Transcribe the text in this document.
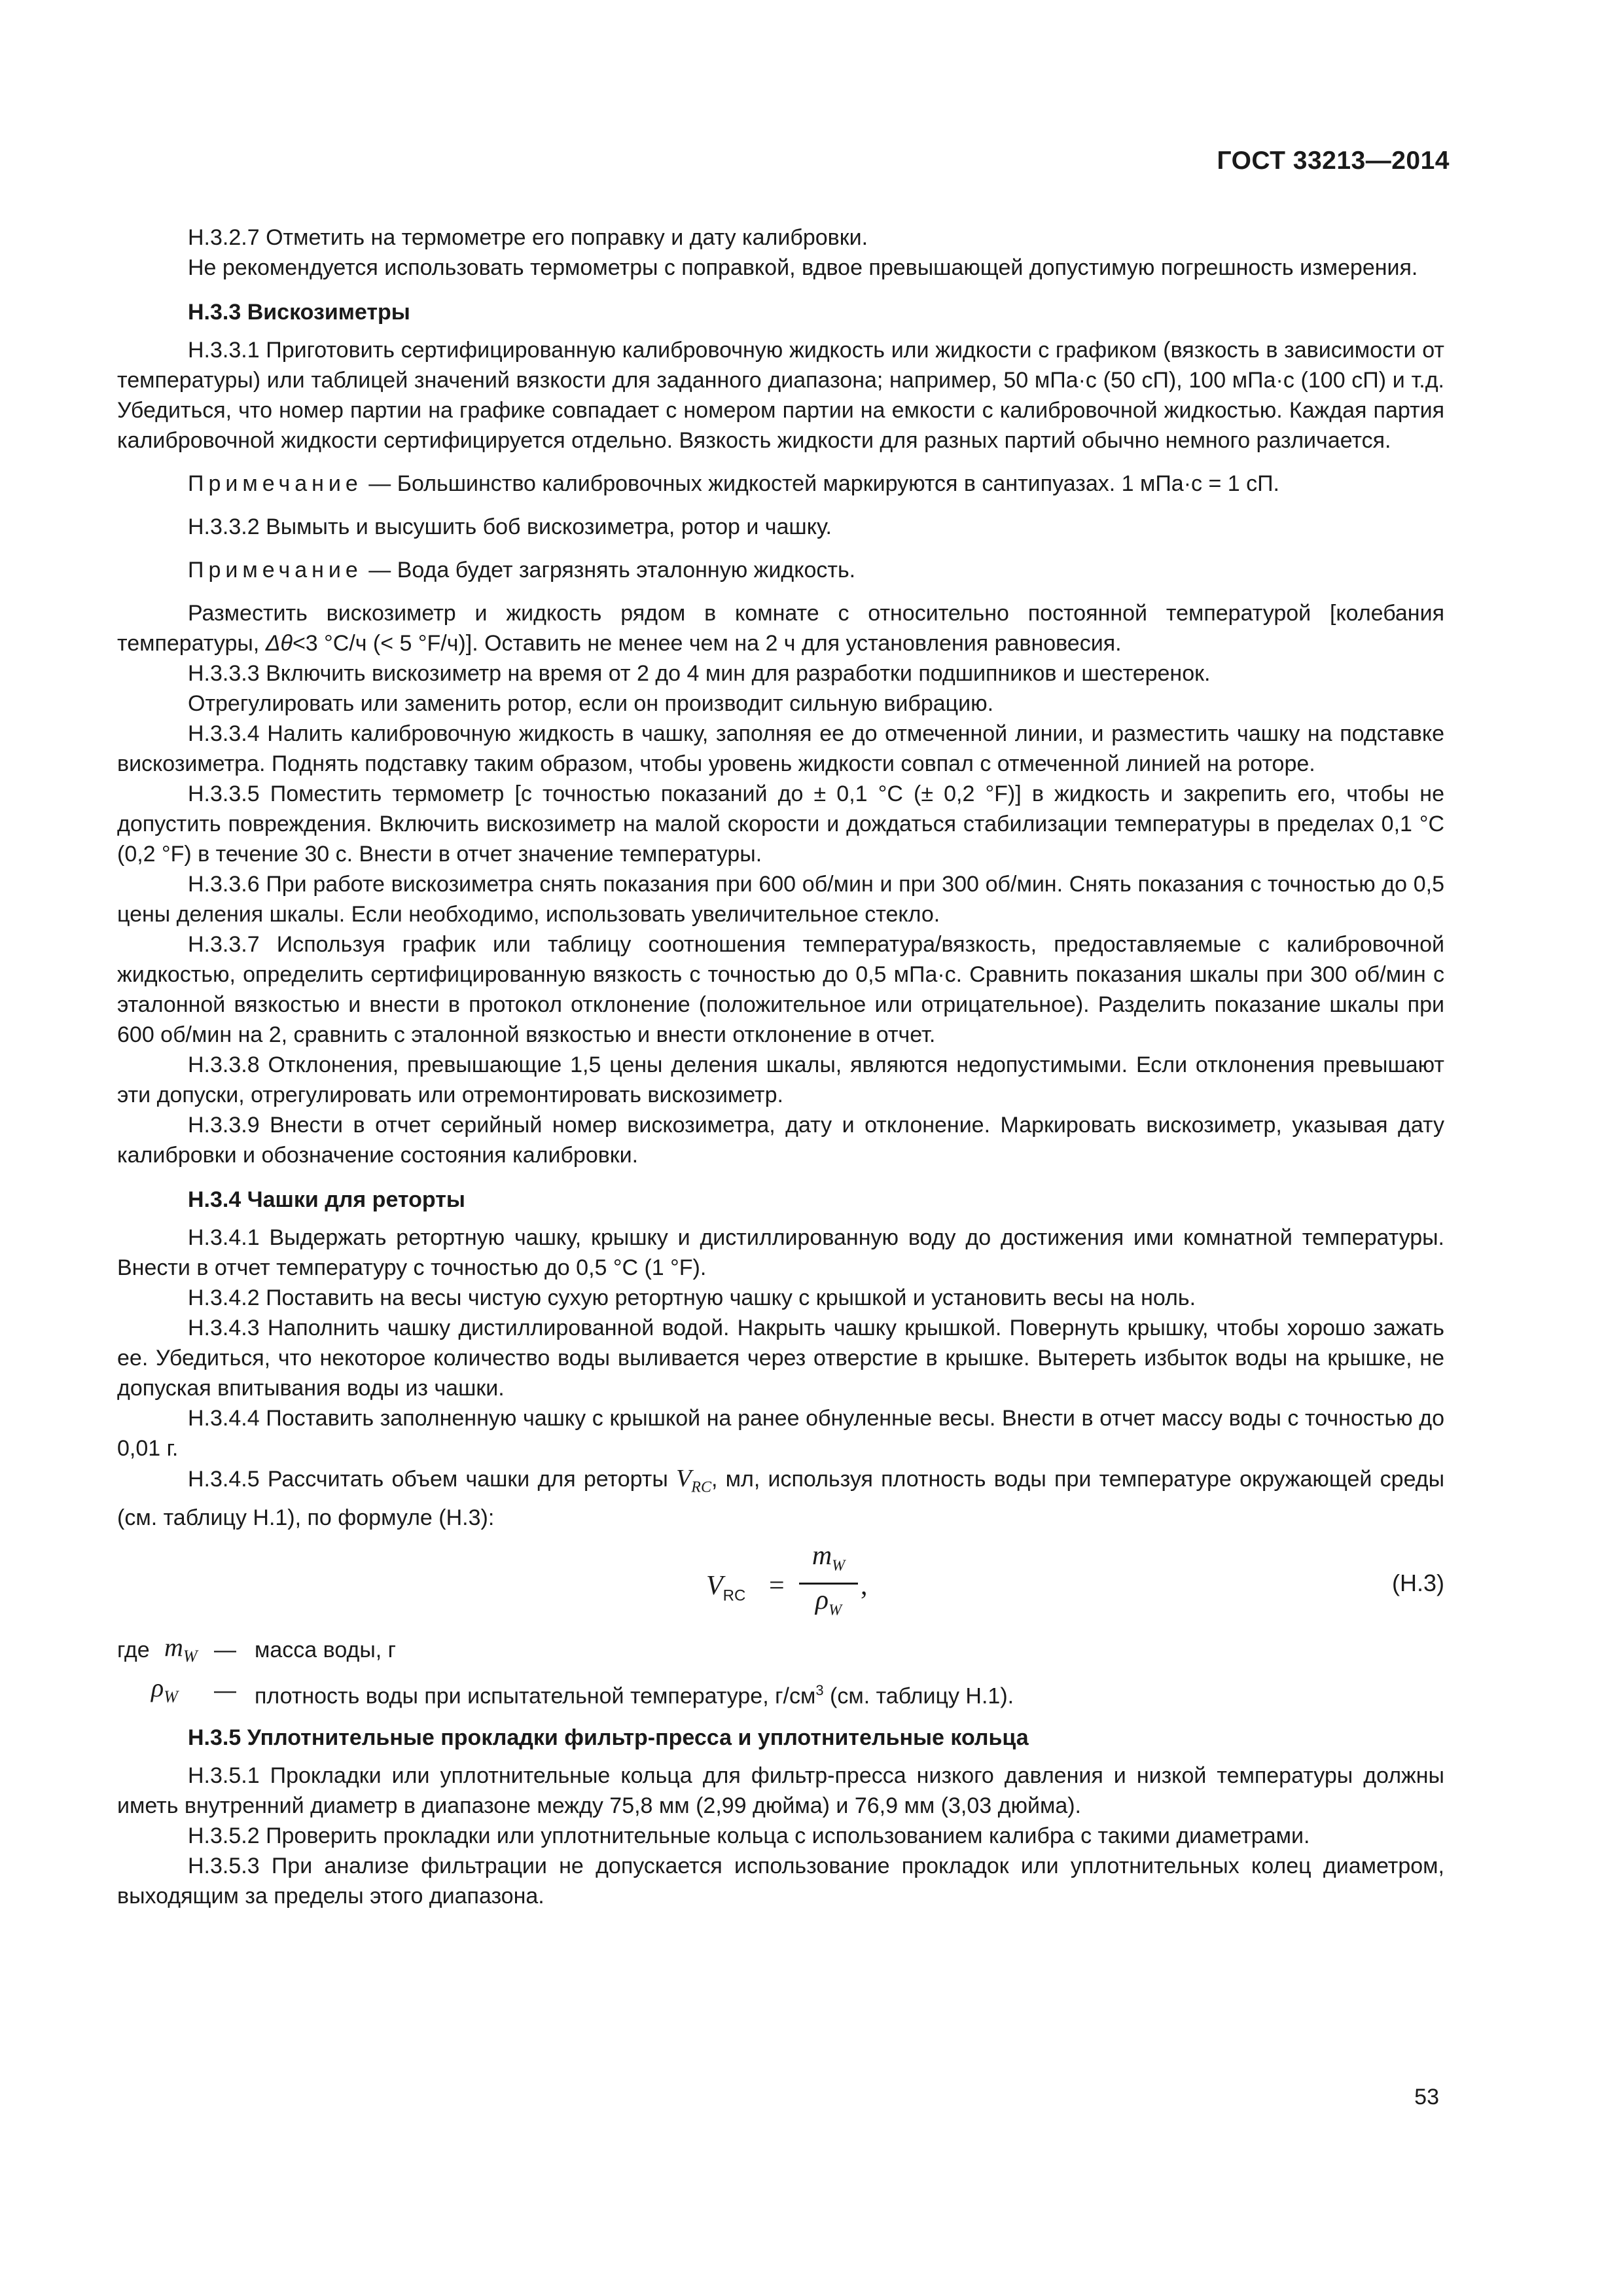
ГОСТ 33213—2014

Н.3.2.7 Отметить на термометре его поправку и дату калибровки.

Не рекомендуется использовать термометры с поправкой, вдвое превышающей допустимую погрешность измерения.

Н.3.3 Вискозиметры

Н.3.3.1 Приготовить сертифицированную калибровочную жидкость или жидкости с графиком (вязкость в зависимости от температуры) или таблицей значений вязкости для заданного диапазона; например, 50 мПа·с (50 сП), 100 мПа·с (100 сП) и т.д. Убедиться, что номер партии на графике совпадает с номером партии на емкости с калибровочной жидкостью. Каждая партия калибровочной жидкости сертифицируется отдельно. Вязкость жидкости для разных партий обычно немного различается.

Примечание — Большинство калибровочных жидкостей маркируются в сантипуазах. 1 мПа·с = 1 сП.

Н.3.3.2 Вымыть и высушить боб вискозиметра, ротор и чашку.

Примечание — Вода будет загрязнять эталонную жидкость.

Разместить вискозиметр и жидкость рядом в комнате с относительно постоянной температурой [колебания температуры, Δθ<3 °С/ч (< 5 °F/ч)]. Оставить не менее чем на 2 ч для установления равновесия.

Н.3.3.3 Включить вискозиметр на время от 2 до 4 мин для разработки подшипников и шестеренок.

Отрегулировать или заменить ротор, если он производит сильную вибрацию.

Н.3.3.4 Налить калибровочную жидкость в чашку, заполняя ее до отмеченной линии, и разместить чашку на подставке вискозиметра. Поднять подставку таким образом, чтобы уровень жидкости совпал с отмеченной линией на роторе.

Н.3.3.5 Поместить термометр [с точностью показаний до ± 0,1 °С (± 0,2 °F)] в жидкость и закрепить его, чтобы не допустить повреждения. Включить вискозиметр на малой скорости и дождаться стабилизации температуры в пределах 0,1 °С (0,2 °F) в течение 30 с. Внести в отчет значение температуры.

Н.3.3.6 При работе вискозиметра снять показания при 600 об/мин и при 300 об/мин. Снять показания с точностью до 0,5 цены деления шкалы. Если необходимо, использовать увеличительное стекло.

Н.3.3.7 Используя график или таблицу соотношения температура/вязкость, предоставляемые с калибровочной жидкостью, определить сертифицированную вязкость с точностью до 0,5 мПа·с. Сравнить показания шкалы при 300 об/мин с эталонной вязкостью и внести в протокол отклонение (положительное или отрицательное). Разделить показание шкалы при 600 об/мин на 2, сравнить с эталонной вязкостью и внести отклонение в отчет.

Н.3.3.8 Отклонения, превышающие 1,5 цены деления шкалы, являются недопустимыми. Если отклонения превышают эти допуски, отрегулировать или отремонтировать вискозиметр.

Н.3.3.9 Внести в отчет серийный номер вискозиметра, дату и отклонение. Маркировать вискозиметр, указывая дату калибровки и обозначение состояния калибровки.

Н.3.4 Чашки для реторты

Н.3.4.1 Выдержать ретортную чашку, крышку и дистиллированную воду до достижения ими комнатной температуры. Внести в отчет температуру с точностью до 0,5 °С (1 °F).

Н.3.4.2 Поставить на весы чистую сухую ретортную чашку с крышкой и установить весы на ноль.

Н.3.4.3 Наполнить чашку дистиллированной водой. Накрыть чашку крышкой. Повернуть крышку, чтобы хорошо зажать ее. Убедиться, что некоторое количество воды выливается через отверстие в крышке. Вытереть избыток воды на крышке, не допуская впитывания воды из чашки.

Н.3.4.4 Поставить заполненную чашку с крышкой на ранее обнуленные весы. Внести в отчет массу воды с точностью до 0,01 г.

Н.3.4.5 Рассчитать объем чашки для реторты $V_{RC}$, мл, используя плотность воды при температуре окружающей среды (см. таблицу Н.1), по формуле (Н.3):

$V_{RC}$ =
$m_W$
$\rho_W$
,	(Н.3)
где $m_W$ — масса воды, г
$\rho_W$ — плотность воды при испытательной температуре, $г/см^3$ (см. таблицу Н.1).

Н.3.5 Уплотнительные прокладки фильтр-пресса и уплотнительные кольца

Н.3.5.1 Прокладки или уплотнительные кольца для фильтр-пресса низкого давления и низкой температуры должны иметь внутренний диаметр в диапазоне между 75,8 мм (2,99 дюйма) и 76,9 мм (3,03 дюйма).

Н.3.5.2 Проверить прокладки или уплотнительные кольца с использованием калибра с такими диаметрами.

Н.3.5.3 При анализе фильтрации не допускается использование прокладок или уплотнительных колец диаметром, выходящим за пределы этого диапазона.

53
